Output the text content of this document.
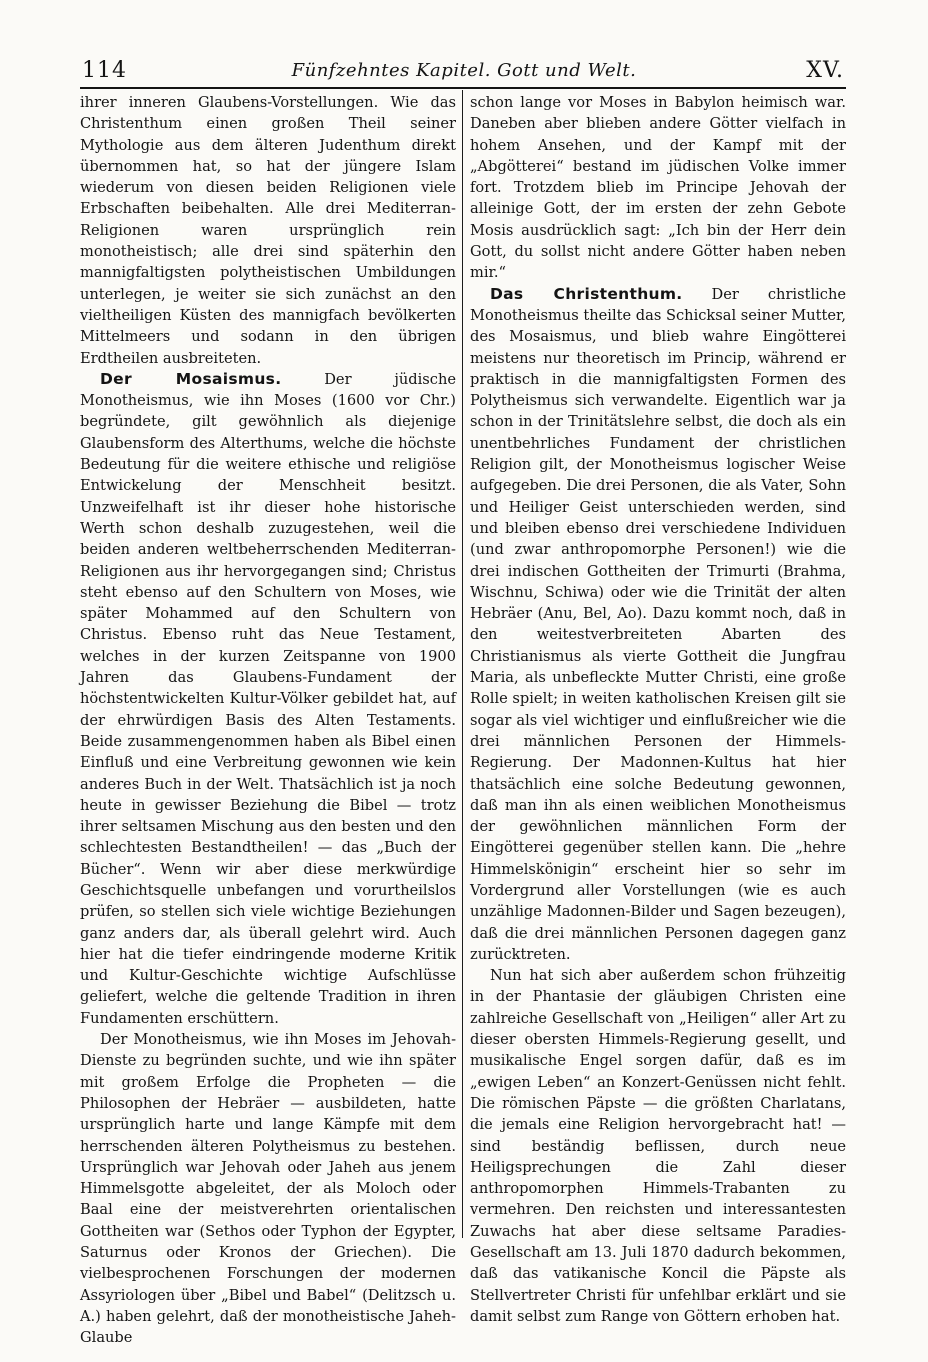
114	Fünfzehntes Kapitel. Gott und Welt.	XV.

ihrer inneren Glaubens-Vorstellungen. Wie das Christenthum einen großen Theil seiner Mythologie aus dem älteren Judenthum direkt übernommen hat, so hat der jüngere Islam wiederum von diesen beiden Religionen viele Erbschaften beibehalten. Alle drei Mediterran-Religionen waren ursprünglich rein monotheistisch; alle drei sind späterhin den mannigfaltigsten polytheistischen Umbildungen unterlegen, je weiter sie sich zunächst an den vieltheiligen Küsten des mannigfach bevölkerten Mittelmeers und sodann in den übrigen Erdtheilen ausbreiteten.

Der Mosaismus.	Der jüdische Monotheismus, wie ihn Moses (1600 vor Chr.) begründete, gilt gewöhnlich als diejenige Glaubensform des Alterthums, welche die höchste Bedeutung für die weitere ethische und religiöse Entwickelung der Menschheit besitzt. Unzweifelhaft ist ihr dieser hohe historische Werth schon deshalb zuzugestehen, weil die beiden anderen weltbeherrschenden Mediterran-Religionen aus ihr hervorgegangen sind; Christus steht ebenso auf den Schultern von Moses, wie später Mohammed auf den Schultern von Christus. Ebenso ruht das Neue Testament, welches in der kurzen Zeitspanne von 1900 Jahren das Glaubens-Fundament der höchstentwickelten Kultur-Völker gebildet hat, auf der ehrwürdigen Basis des Alten Testaments. Beide zusammengenommen haben als Bibel einen Einfluß und eine Verbreitung gewonnen wie kein anderes Buch in der Welt. Thatsächlich ist ja noch heute in gewisser Beziehung die Bibel — trotz ihrer seltsamen Mischung aus den besten und den schlechtesten Bestandtheilen! — das „Buch der Bücher“. Wenn wir aber diese merkwürdige Geschichtsquelle unbefangen und vorurtheilslos prüfen, so stellen sich viele wichtige Beziehungen ganz anders dar, als überall gelehrt wird. Auch hier hat die tiefer eindringende moderne Kritik und Kultur-Geschichte wichtige Aufschlüsse geliefert, welche die geltende Tradition in ihren Fundamenten erschüttern.

Der Monotheismus, wie ihn Moses im Jehovah-Dienste zu begründen suchte, und wie ihn später mit großem Erfolge die Propheten — die Philosophen der Hebräer — ausbildeten, hatte ursprünglich harte und lange Kämpfe mit dem herrschenden älteren Polytheismus zu bestehen. Ursprünglich war Jehovah oder Jaheh aus jenem Himmelsgotte abgeleitet, der als Moloch oder Baal eine der meistverehrten orientalischen Gottheiten war (Sethos oder Typhon der Egypter, Saturnus oder Kronos der Griechen). Die vielbesprochenen Forschungen der modernen Assyriologen über „Bibel und Babel“ (Delitzsch u. A.) haben gelehrt, daß der monotheistische Jaheh-Glaube

schon lange vor Moses in Babylon heimisch war. Daneben aber blieben andere Götter vielfach in hohem Ansehen, und der Kampf mit der „Abgötterei“ bestand im jüdischen Volke immer fort. Trotzdem blieb im Principe Jehovah der alleinige Gott, der im ersten der zehn Gebote Mosis ausdrücklich sagt: „Ich bin der Herr dein Gott, du sollst nicht andere Götter haben neben mir.“

Das Christenthum. Der christliche Monotheismus theilte das Schicksal seiner Mutter, des Mosaismus, und blieb wahre Eingötterei meistens nur theoretisch im Princip, während er praktisch in die mannigfaltigsten Formen des Polytheismus sich verwandelte. Eigentlich war ja schon in der Trinitätslehre selbst, die doch als ein unentbehrliches Fundament der christlichen Religion gilt, der Monotheismus logischer Weise aufgegeben. Die drei Personen, die als Vater, Sohn und Heiliger Geist unterschieden werden, sind und bleiben ebenso drei verschiedene Individuen (und zwar anthropomorphe Personen!) wie die drei indischen Gottheiten der Trimurti (Brahma, Wischnu, Schiwa) oder wie die Trinität der alten Hebräer (Anu, Bel, Ao). Dazu kommt noch, daß in den weitestverbreiteten Abarten des Christianismus als vierte Gottheit die Jungfrau Maria, als unbefleckte Mutter Christi, eine große Rolle spielt; in weiten katholischen Kreisen gilt sie sogar als viel wichtiger und einflußreicher wie die drei männlichen Personen der Himmels-Regierung. Der Madonnen-Kultus hat hier thatsächlich eine solche Bedeutung gewonnen, daß man ihn als einen weiblichen Monotheismus der gewöhnlichen männlichen Form der Eingötterei gegenüber stellen kann. Die „hehre Himmelskönigin“ erscheint hier so sehr im Vordergrund aller Vorstellungen (wie es auch unzählige Madonnen-Bilder und Sagen bezeugen), daß die drei männlichen Personen dagegen ganz zurücktreten.

Nun hat sich aber außerdem schon frühzeitig in der Phantasie der gläubigen Christen eine zahlreiche Gesellschaft von „Heiligen“ aller Art zu dieser obersten Himmels-Regierung gesellt, und musikalische Engel sorgen dafür, daß es im „ewigen Leben“ an Konzert-Genüssen nicht fehlt. Die römischen Päpste — die größten Charlatans, die jemals eine Religion hervorgebracht hat! — sind beständig beflissen, durch neue Heiligsprechungen die Zahl dieser anthropomorphen Himmels-Trabanten zu vermehren. Den reichsten und interessantesten Zuwachs hat aber diese seltsame Paradies-Gesellschaft am 13. Juli 1870 dadurch bekommen, daß das vatikanische Koncil die Päpste als Stellvertreter Christi für unfehlbar erklärt und sie damit selbst zum Range von Göttern erhoben hat.
